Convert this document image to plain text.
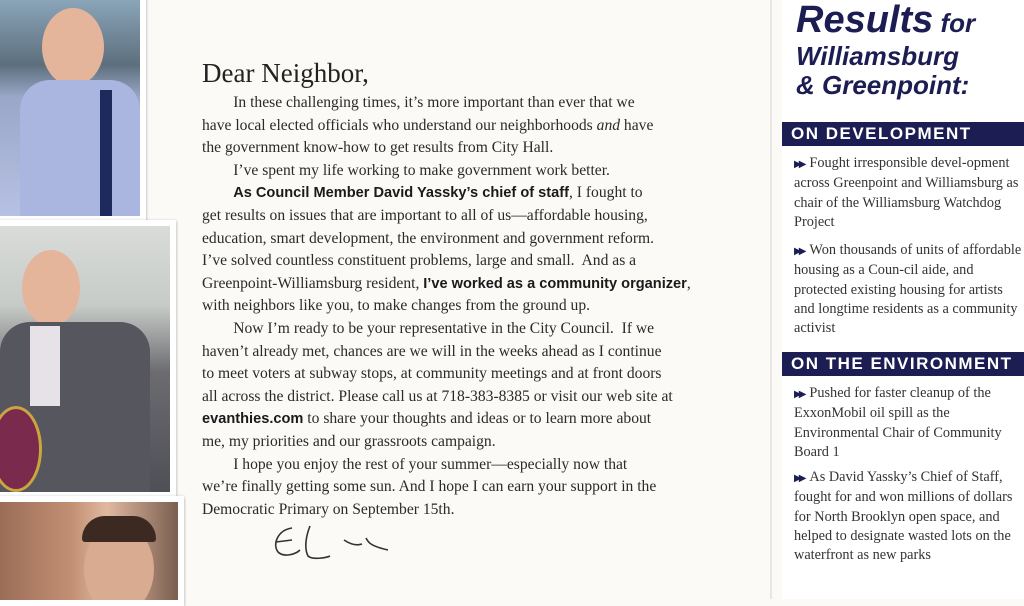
Dear Neighbor,
In these challenging times, it’s more important than ever that we
have local elected officials who understand our neighborhoods and have
the government know-how to get results from City Hall.
I’ve spent my life working to make government work better.
As Council Member David Yassky’s chief of staff, I fought to
get results on issues that are important to all of us—affordable housing,
education, smart development, the environment and government reform.
I’ve solved countless constituent problems, large and small.  And as a
Greenpoint-Williamsburg resident, I’ve worked as a community organizer,
with neighbors like you, to make changes from the ground up.
Now I’m ready to be your representative in the City Council.  If we
haven’t already met, chances are we will in the weeks ahead as I continue
to meet voters at subway stops, at community meetings and at front doors
all across the district. Please call us at 718-383-8385 or visit our web site at
evanthies.com to share your thoughts and ideas or to learn more about
me, my priorities and our grassroots campaign.
I hope you enjoy the rest of your summer—especially now that
we’re finally getting some sun. And I hope I can earn your support in the
Democratic Primary on September 15th.
Results for
Williamsburg
& Greenpoint:
ON DEVELOPMENT
▶▶ Fought irresponsible devel-opment across Greenpoint and Williamsburg as chair of the Williamsburg Watchdog Project
▶▶ Won thousands of units of affordable housing as a Coun-cil aide, and protected existing housing for artists and longtime residents as a community activist
ON THE ENVIRONMENT
▶▶ Pushed for faster cleanup of the ExxonMobil oil spill as the Environmental Chair of Community Board 1
▶▶ As David Yassky’s Chief of Staff, fought for and won millions of dollars for North Brooklyn open space, and helped to designate wasted lots on the waterfront as new parks
